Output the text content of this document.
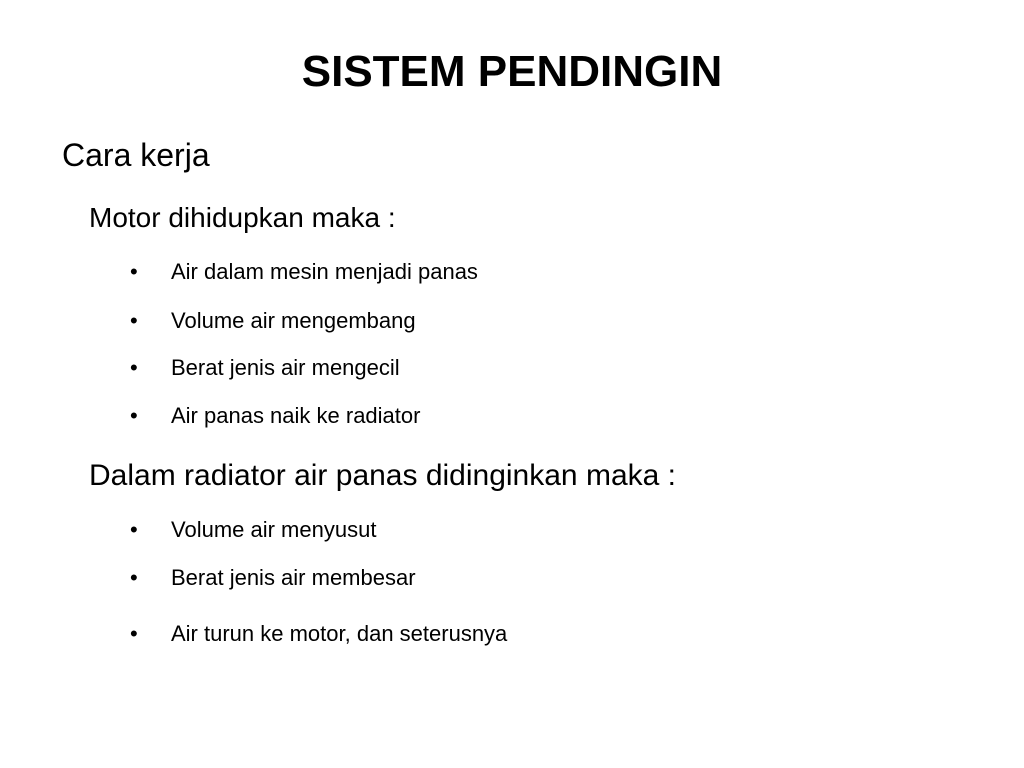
SISTEM PENDINGIN

Cara kerja

Motor dihidupkan maka :

• Air dalam mesin menjadi panas
• Volume air mengembang
• Berat jenis air mengecil
• Air panas naik ke radiator

Dalam radiator air panas didinginkan maka :

• Volume air menyusut
• Berat jenis air membesar
• Air turun ke motor, dan seterusnya
